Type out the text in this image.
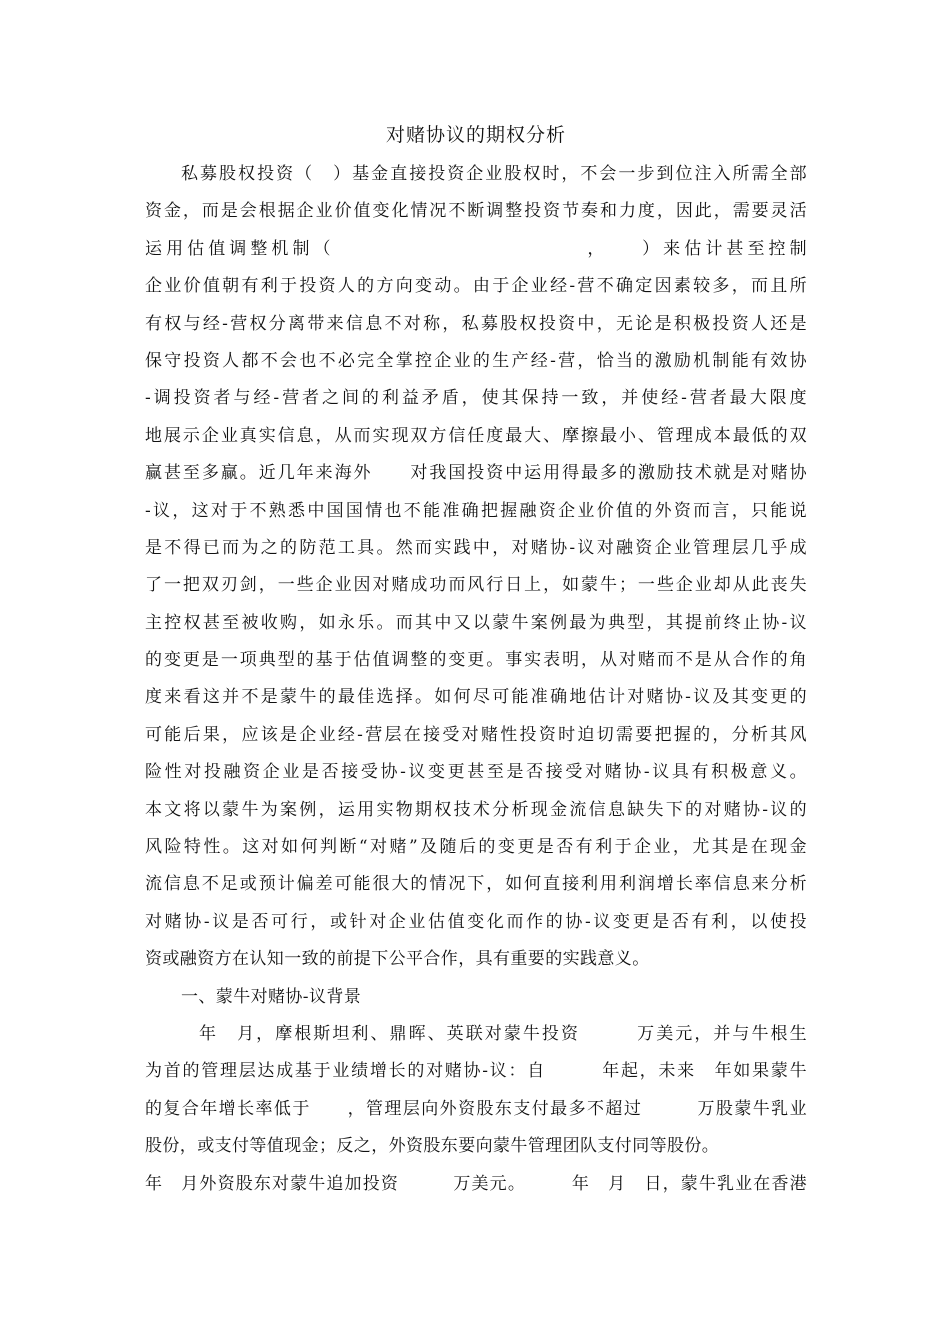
对赌协议的期权分析
私募股权投资（　）基金直接投资企业股权时，不会一步到位注入所需全部
资金，而是会根据企业价值变化情况不断调整投资节奏和力度，因此，需要灵活
运用估值调整机制（　　　　　　　　　　　　，　　）来估计甚至控制
企业价值朝有利于投资人的方向变动。由于企业经-营不确定因素较多，而且所
有权与经-营权分离带来信息不对称，私募股权投资中，无论是积极投资人还是
保守投资人都不会也不必完全掌控企业的生产经-营，恰当的激励机制能有效协
-调投资者与经-营者之间的利益矛盾，使其保持一致，并使经-营者最大限度
地展示企业真实信息，从而实现双方信任度最大、摩擦最小、管理成本最低的双
赢甚至多赢。近几年来海外　　对我国投资中运用得最多的激励技术就是对赌协
-议，这对于不熟悉中国国情也不能准确把握融资企业价值的外资而言，只能说
是不得已而为之的防范工具。然而实践中，对赌协-议对融资企业管理层几乎成
了一把双刃剑，一些企业因对赌成功而风行日上，如蒙牛；一些企业却从此丧失
主控权甚至被收购，如永乐。而其中又以蒙牛案例最为典型，其提前终止协-议
的变更是一项典型的基于估值调整的变更。事实表明，从对赌而不是从合作的角
度来看这并不是蒙牛的最佳选择。如何尽可能准确地估计对赌协-议及其变更的
可能后果，应该是企业经-营层在接受对赌性投资时迫切需要把握的，分析其风
险性对投融资企业是否接受协-议变更甚至是否接受对赌协-议具有积极意义。
本文将以蒙牛为案例，运用实物期权技术分析现金流信息缺失下的对赌协-议的
风险特性。这对如何判断“对赌”及随后的变更是否有利于企业，尤其是在现金
流信息不足或预计偏差可能很大的情况下，如何直接利用利润增长率信息来分析
对赌协-议是否可行，或针对企业估值变化而作的协-议变更是否有利，以使投
资或融资方在认知一致的前提下公平合作，具有重要的实践意义。
一、蒙牛对赌协-议背景
年　月，摩根斯坦利、鼎晖、英联对蒙牛投资　　　万美元，并与牛根生
为首的管理层达成基于业绩增长的对赌协-议：自　　　年起，未来　年如果蒙牛
的复合年增长率低于　　，管理层向外资股东支付最多不超过　　　万股蒙牛乳业
股份，或支付等值现金；反之，外资股东要向蒙牛管理团队支付同等股份。
年　月外资股东对蒙牛追加投资　　　万美元。　　　年　月　日，蒙牛乳业在香港
